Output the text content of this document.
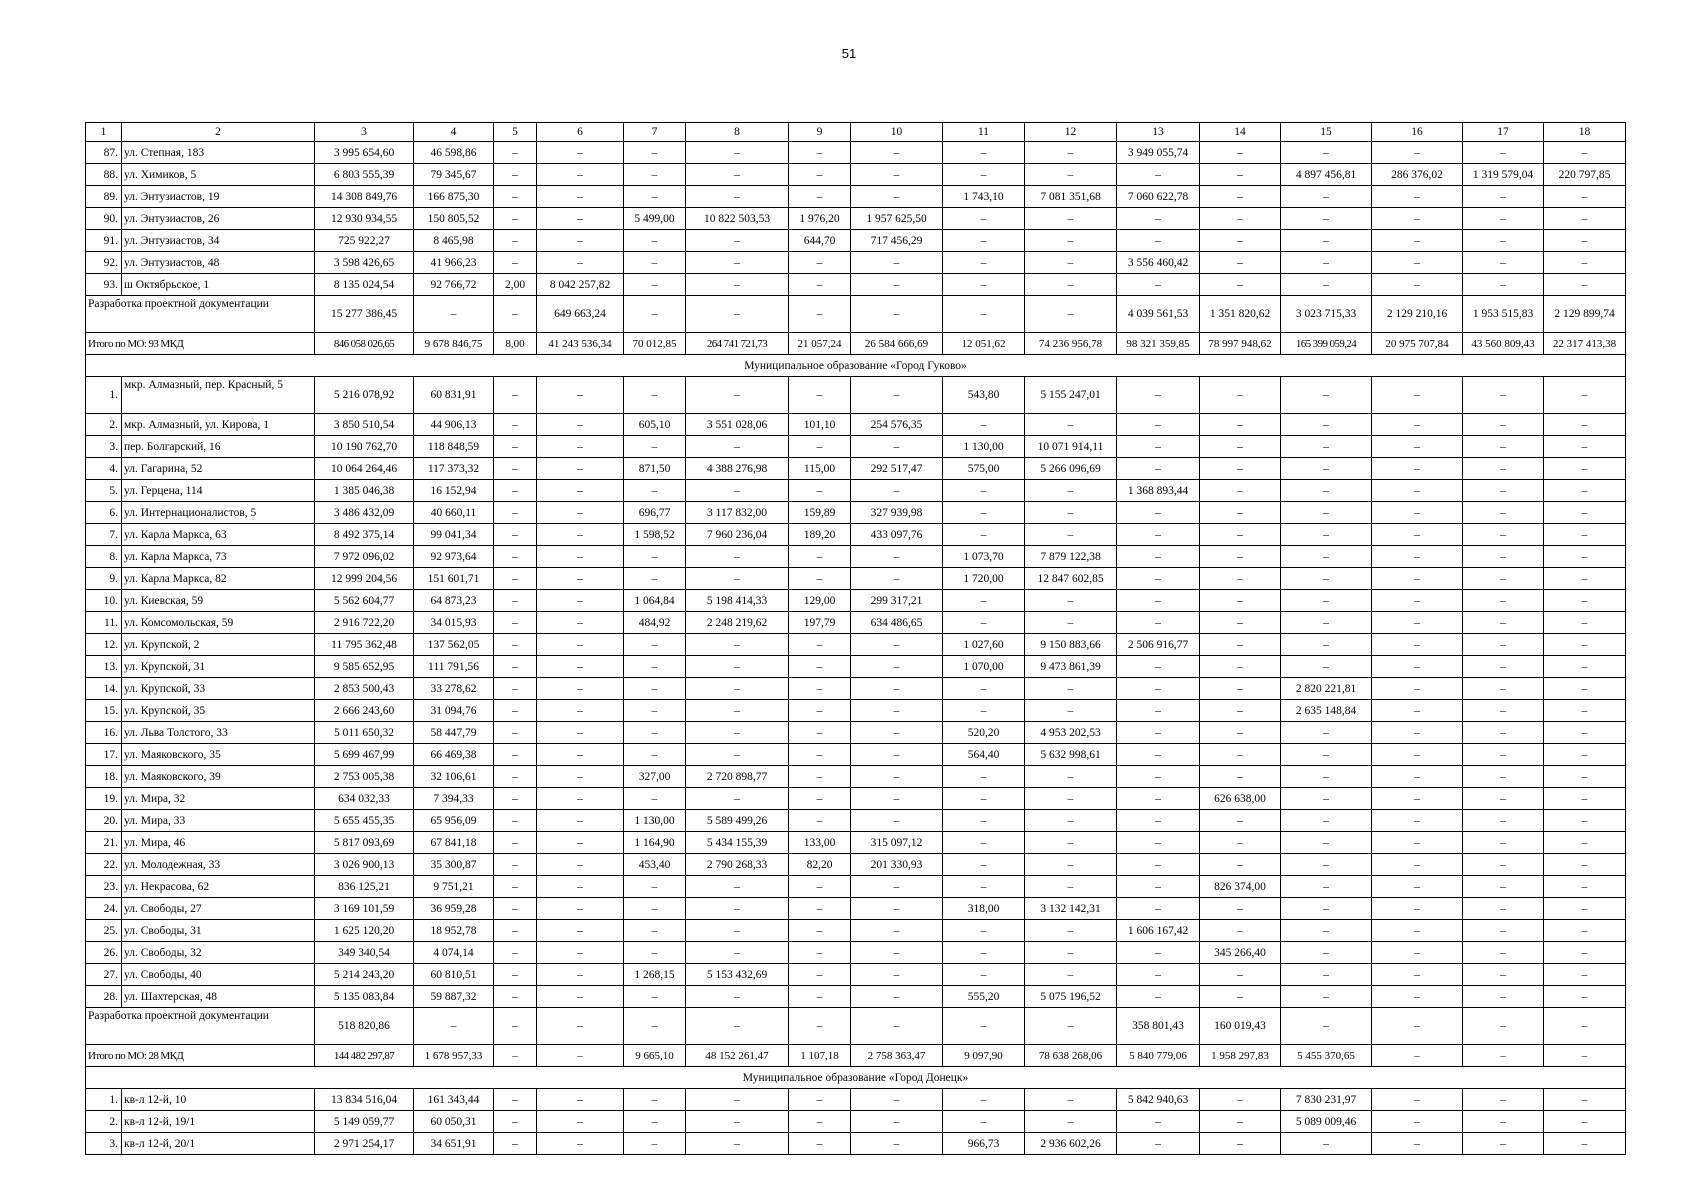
51
1	2	3	4	5	6	7	8	9	10	11	12	13	14	15	16	17	18
87.	ул. Степная, 183	3 995 654,60	46 598,86	–	–	–	–	–	–	–	–	3 949 055,74	–	–	–	–	–
88.	ул. Химиков, 5	6 803 555,39	79 345,67	–	–	–	–	–	–	–	–	–	–	4 897 456,81	286 376,02	1 319 579,04	220 797,85
89.	ул. Энтузиастов, 19	14 308 849,76	166 875,30	–	–	–	–	–	–	1 743,10	7 081 351,68	7 060 622,78	–	–	–	–	–
90.	ул. Энтузиастов, 26	12 930 934,55	150 805,52	–	–	5 499,00	10 822 503,53	1 976,20	1 957 625,50	–	–	–	–	–	–	–	–
91.	ул. Энтузиастов, 34	725 922,27	8 465,98	–	–	–	–	644,70	717 456,29	–	–	–	–	–	–	–	–
92.	ул. Энтузиастов, 48	3 598 426,65	41 966,23	–	–	–	–	–	–	–	–	3 556 460,42	–	–	–	–	–
93.	ш Октябрьское, 1	8 135 024,54	92 766,72	2,00	8 042 257,82	–	–	–	–	–	–	–	–	–	–	–	–
Разработка проектной документации		15 277 386,45	–	–	649 663,24	–	–	–	–	–	–	4 039 561,53	1 351 820,62	3 023 715,33	2 129 210,16	1 953 515,83	2 129 899,74
Итого по МО: 93 МКД		846 058 026,65	9 678 846,75	8,00	41 243 536,34	70 012,85	264 741 721,73	21 057,24	26 584 666,69	12 051,62	74 236 956,78	98 321 359,85	78 997 948,62	165 399 059,24	20 975 707,84	43 560 809,43	22 317 413,38
Муниципальное образование «Город Гуково»																	
1.	мкр. Алмазный, пер. Красный, 5	5 216 078,92	60 831,91	–	–	–	–	–	–	543,80	5 155 247,01	–	–	–	–	–	–
2.	мкр. Алмазный, ул. Кирова, 1	3 850 510,54	44 906,13	–	–	605,10	3 551 028,06	101,10	254 576,35	–	–	–	–	–	–	–	–
3.	пер. Болгарский, 16	10 190 762,70	118 848,59	–	–	–	–	–	–	1 130,00	10 071 914,11	–	–	–	–	–	–
4.	ул. Гагарина, 52	10 064 264,46	117 373,32	–	–	871,50	4 388 276,98	115,00	292 517,47	575,00	5 266 096,69	–	–	–	–	–	–
5.	ул. Герцена, 114	1 385 046,38	16 152,94	–	–	–	–	–	–	–	–	1 368 893,44	–	–	–	–	–
6.	ул. Интернационалистов, 5	3 486 432,09	40 660,11	–	–	696,77	3 117 832,00	159,89	327 939,98	–	–	–	–	–	–	–	–
7.	ул. Карла Маркса, 63	8 492 375,14	99 041,34	–	–	1 598,52	7 960 236,04	189,20	433 097,76	–	–	–	–	–	–	–	–
8.	ул. Карла Маркса, 73	7 972 096,02	92 973,64	–	–	–	–	–	–	1 073,70	7 879 122,38	–	–	–	–	–	–
9.	ул. Карла Маркса, 82	12 999 204,56	151 601,71	–	–	–	–	–	–	1 720,00	12 847 602,85	–	–	–	–	–	–
10.	ул. Киевская, 59	5 562 604,77	64 873,23	–	–	1 064,84	5 198 414,33	129,00	299 317,21	–	–	–	–	–	–	–	–
11.	ул. Комсомольская, 59	2 916 722,20	34 015,93	–	–	484,92	2 248 219,62	197,79	634 486,65	–	–	–	–	–	–	–	–
12.	ул. Крупской, 2	11 795 362,48	137 562,05	–	–	–	–	–	–	1 027,60	9 150 883,66	2 506 916,77	–	–	–	–	–
13.	ул. Крупской, 31	9 585 652,95	111 791,56	–	–	–	–	–	–	1 070,00	9 473 861,39	–	–	–	–	–	–
14.	ул. Крупской, 33	2 853 500,43	33 278,62	–	–	–	–	–	–	–	–	–	–	2 820 221,81	–	–	–
15.	ул. Крупской, 35	2 666 243,60	31 094,76	–	–	–	–	–	–	–	–	–	–	2 635 148,84	–	–	–
16.	ул. Льва Толстого, 33	5 011 650,32	58 447,79	–	–	–	–	–	–	520,20	4 953 202,53	–	–	–	–	–	–
17.	ул. Маяковского, 35	5 699 467,99	66 469,38	–	–	–	–	–	–	564,40	5 632 998,61	–	–	–	–	–	–
18.	ул. Маяковского, 39	2 753 005,38	32 106,61	–	–	327,00	2 720 898,77	–	–	–	–	–	–	–	–	–	–
19.	ул. Мира, 32	634 032,33	7 394,33	–	–	–	–	–	–	–	–	–	626 638,00	–	–	–	–
20.	ул. Мира, 33	5 655 455,35	65 956,09	–	–	1 130,00	5 589 499,26	–	–	–	–	–	–	–	–	–	–
21.	ул. Мира, 46	5 817 093,69	67 841,18	–	–	1 164,90	5 434 155,39	133,00	315 097,12	–	–	–	–	–	–	–	–
22.	ул. Молодежная, 33	3 026 900,13	35 300,87	–	–	453,40	2 790 268,33	82,20	201 330,93	–	–	–	–	–	–	–	–
23.	ул. Некрасова, 62	836 125,21	9 751,21	–	–	–	–	–	–	–	–	–	826 374,00	–	–	–	–
24.	ул. Свободы, 27	3 169 101,59	36 959,28	–	–	–	–	–	–	318,00	3 132 142,31	–	–	–	–	–	–
25.	ул. Свободы, 31	1 625 120,20	18 952,78	–	–	–	–	–	–	–	–	1 606 167,42	–	–	–	–	–
26.	ул. Свободы, 32	349 340,54	4 074,14	–	–	–	–	–	–	–	–	–	345 266,40	–	–	–	–
27.	ул. Свободы, 40	5 214 243,20	60 810,51	–	–	1 268,15	5 153 432,69	–	–	–	–	–	–	–	–	–	–
28.	ул. Шахтерская, 48	5 135 083,84	59 887,32	–	–	–	–	–	–	555,20	5 075 196,52	–	–	–	–	–	–
Разработка проектной документации		518 820,86	–	–	–	–	–	–	–	–	–	358 801,43	160 019,43	–	–	–	–
Итого по МО: 28 МКД		144 482 297,87	1 678 957,33	–	–	9 665,10	48 152 261,47	1 107,18	2 758 363,47	9 097,90	78 638 268,06	5 840 779,06	1 958 297,83	5 455 370,65	–	–	–
Муниципальное образование «Город Донецк»																	
1.	кв-л 12-й, 10	13 834 516,04	161 343,44	–	–	–	–	–	–	–	–	5 842 940,63	–	7 830 231,97	–	–	–
2.	кв-л 12-й, 19/1	5 149 059,77	60 050,31	–	–	–	–	–	–	–	–	–	–	5 089 009,46	–	–	–
3.	кв-л 12-й, 20/1	2 971 254,17	34 651,91	–	–	–	–	–	–	966,73	2 936 602,26	–	–	–	–	–	–
